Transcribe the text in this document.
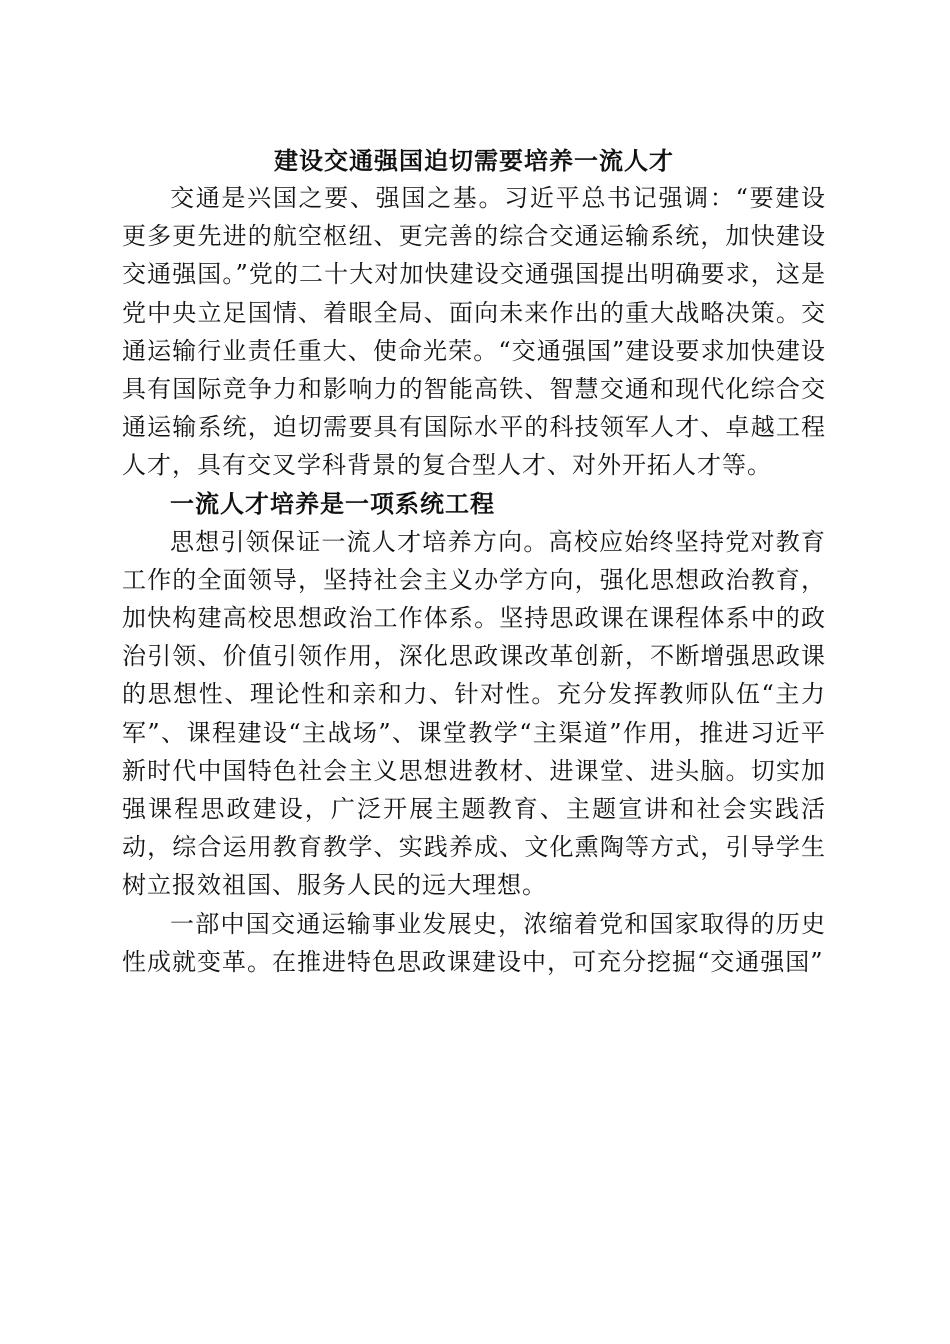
建设交通强国迫切需要培养一流人才

交通是兴国之要、强国之基。习近平总书记强调：“要建设更多更先进的航空枢纽、更完善的综合交通运输系统，加快建设交通强国。”党的二十大对加快建设交通强国提出明确要求，这是党中央立足国情、着眼全局、面向未来作出的重大战略决策。交通运输行业责任重大、使命光荣。“交通强国”建设要求加快建设具有国际竞争力和影响力的智能高铁、智慧交通和现代化综合交通运输系统，迫切需要具有国际水平的科技领军人才、卓越工程人才，具有交叉学科背景的复合型人才、对外开拓人才等。

一流人才培养是一项系统工程

思想引领保证一流人才培养方向。高校应始终坚持党对教育工作的全面领导，坚持社会主义办学方向，强化思想政治教育，加快构建高校思想政治工作体系。坚持思政课在课程体系中的政治引领、价值引领作用，深化思政课改革创新，不断增强思政课的思想性、理论性和亲和力、针对性。充分发挥教师队伍“主力军”、课程建设“主战场”、课堂教学“主渠道”作用，推进习近平新时代中国特色社会主义思想进教材、进课堂、进头脑。切实加强课程思政建设，广泛开展主题教育、主题宣讲和社会实践活动，综合运用教育教学、实践养成、文化熏陶等方式，引导学生树立报效祖国、服务人民的远大理想。

一部中国交通运输事业发展史，浓缩着党和国家取得的历史性成就变革。在推进特色思政课建设中，可充分挖掘“交通强国”
